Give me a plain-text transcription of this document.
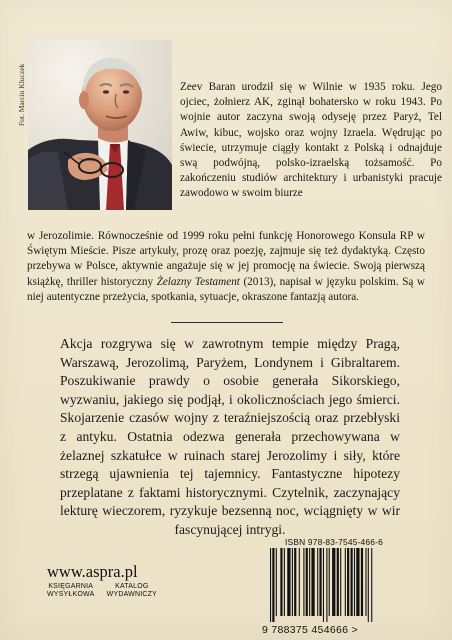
Fot. Marcin Kluczek	Zeev Baran urodził się w Wilnie w 1935 roku. Jego ojciec, żołnierz AK, zginął bohatersko w roku 1943. Po wojnie autor zaczyna swoją odyseję przez Paryż, Tel Awiw, kibuc, wojsko oraz wojny Izraela. Wędrując po świecie, utrzymuje ciągły kontakt z Polską i odnajduje swą podwójną, polsko-izraelską tożsamość. Po zakończeniu studiów architektury i urbanistyki pracuje zawodowo w swoim biurze

w Jerozolimie. Równocześnie od 1999 roku pełni funkcję Honorowego Konsula RP w Świętym Mieście. Pisze artykuły, prozę oraz poezję, zajmuje się też dydaktyką. Często przebywa w Polsce, aktywnie angażuje się w jej promocję na świecie. Swoją pierwszą książkę, thriller historyczny Żelazny Testament (2013), napisał w języku polskim. Są w niej autentyczne przeżycia, spotkania, sytuacje, okraszone fantazją autora.

Akcja rozgrywa się w zawrotnym tempie między Pragą, Warszawą, Jerozolimą, Paryżem, Londynem i Gibraltarem. Poszukiwanie prawdy o osobie generała Sikorskiego, wyzwaniu, jakiego się podjął, i okolicznościach jego śmierci. Skojarzenie czasów wojny z teraźniejszością oraz przebłyski z antyku. Ostatnia odezwa generała przechowywana w żelaznej szkatułce w ruinach starej Jerozolimy i siły, które strzegą ujawnienia tej tajemnicy. Fantastyczne hipotezy przeplatane z faktami historycznymi. Czytelnik, zaczynający lekturę wieczorem, ryzykuje bezsenną noc, wciągnięty w wir fascynującej intrygi.

www.aspra.pl
KSIĘGARNIA
WYSYŁKOWA
KATALOG
WYDAWNICZY
ISBN 978-83-7545-466-6
9 788375 454666 >
